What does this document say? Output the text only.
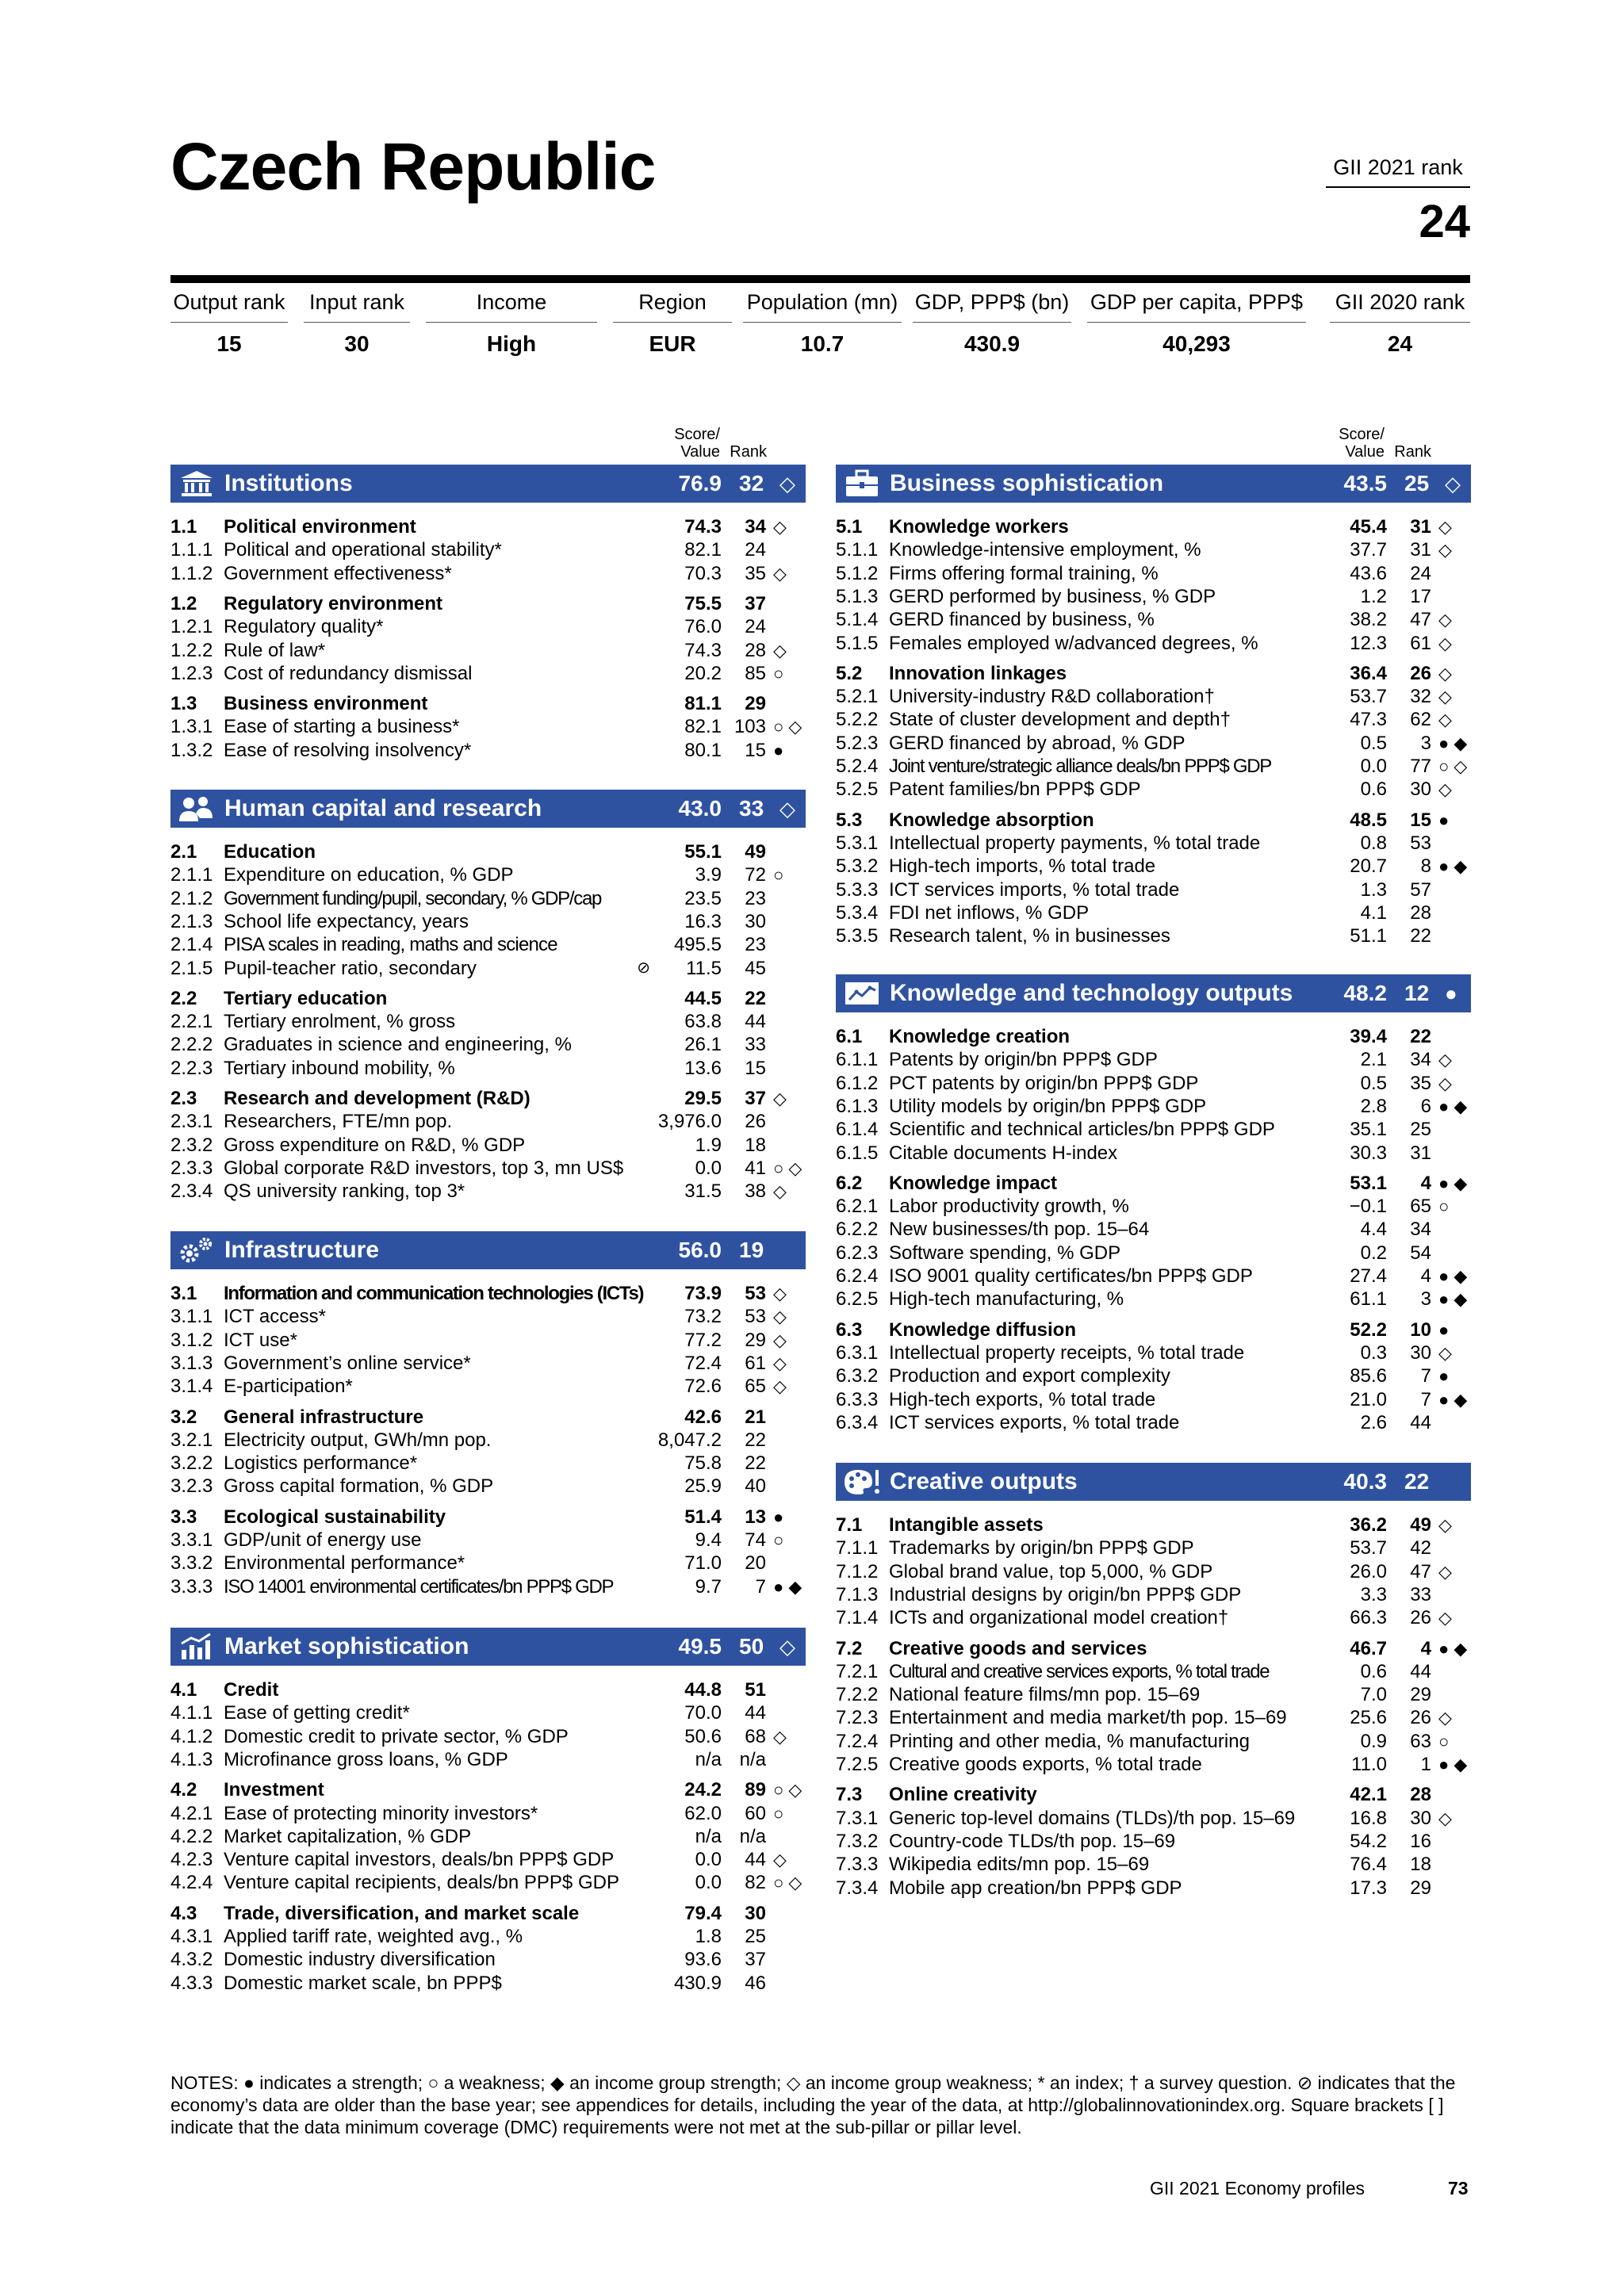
Czech Republic	GII 2021 rank
24
Output rank
15
Input rank
30
Income
High
Region
EUR
Population (mn)
10.7
GDP, PPP$ (bn)
430.9
GDP per capita, PPP$
40,293
GII 2020 rank
24
Score/
Value Rank
Score/
Value Rank
Institutions	76.9 32 ◇
1.1 Political environment	74.3 34 ◇
1.1.1 Political and operational stability*	82.1 24
1.1.2 Government effectiveness*	70.3 35 ◇
1.2 Regulatory environment	75.5 37
1.2.1 Regulatory quality*	76.0 24
1.2.2 Rule of law*	74.3 28 ◇
1.2.3 Cost of redundancy dismissal	20.2 85 ○
1.3 Business environment	81.1 29
1.3.1 Ease of starting a business*	82.1 103 ○ ◇
1.3.2 Ease of resolving insolvency*	80.1 15 ●
Human capital and research	43.0 33 ◇
2.1 Education	55.1 49
2.1.1 Expenditure on education, % GDP	3.9 72 ○
2.1.2 Government funding/pupil, secondary, % GDP/cap	23.5 23
2.1.3 School life expectancy, years	16.3 30
2.1.4 PISA scales in reading, maths and science	495.5 23
2.1.5 Pupil-teacher ratio, secondary	11.5 45
⊘
2.2 Tertiary education	44.5 22
2.2.1 Tertiary enrolment, % gross	63.8 44
2.2.2 Graduates in science and engineering, %	26.1 33
2.2.3 Tertiary inbound mobility, %	13.6 15
2.3 Research and development (R&D)	29.5 37 ◇
2.3.1 Researchers, FTE/mn pop.	3,976.0 26
2.3.2 Gross expenditure on R&D, % GDP	1.9 18
2.3.3 Global corporate R&D investors, top 3, mn US$	0.0 41 ○ ◇
2.3.4 QS university ranking, top 3*	31.5 38 ◇
Infrastructure	56.0 19
3.1 Information and communication technologies (ICTs) 73.9 53 ◇
3.1.1 ICT access*	73.2 53 ◇
3.1.2 ICT use*	77.2 29 ◇
3.1.3 Government’s online service*	72.4 61 ◇
3.1.4 E-participation*	72.6 65 ◇
3.2 General infrastructure	42.6 21
3.2.1 Electricity output, GWh/mn pop.	8,047.2 22
3.2.2 Logistics performance*	75.8 22
3.2.3 Gross capital formation, % GDP	25.9 40
3.3 Ecological sustainability	51.4 13 ●
3.3.1 GDP/unit of energy use	9.4 74 ○
3.3.2 Environmental performance*	71.0 20
3.3.3 ISO 14001 environmental certificates/bn PPP$ GDP	9.7 7 ● ◆
Market sophistication	49.5 50 ◇
4.1 Credit	44.8 51
4.1.1 Ease of getting credit*	70.0 44
4.1.2 Domestic credit to private sector, % GDP	50.6 68 ◇
4.1.3 Microfinance gross loans, % GDP	n/a n/a
4.2 Investment	24.2 89 ○ ◇
4.2.1 Ease of protecting minority investors*	62.0 60 ○
4.2.2 Market capitalization, % GDP	n/a n/a
4.2.3 Venture capital investors, deals/bn PPP$ GDP	0.0 44 ◇
4.2.4 Venture capital recipients, deals/bn PPP$ GDP	0.0 82 ○ ◇
4.3 Trade, diversification, and market scale	79.4 30
4.3.1 Applied tariff rate, weighted avg., %	1.8 25
4.3.2 Domestic industry diversification	93.6 37
4.3.3 Domestic market scale, bn PPP$	430.9 46
Business sophistication	43.5 25 ◇
5.1 Knowledge workers	45.4 31 ◇
5.1.1 Knowledge-intensive employment, %	37.7 31 ◇
5.1.2 Firms offering formal training, %	43.6 24
5.1.3 GERD performed by business, % GDP	1.2 17
5.1.4 GERD financed by business, %	38.2 47 ◇
5.1.5 Females employed w/advanced degrees, %	12.3 61 ◇
5.2 Innovation linkages	36.4 26 ◇
5.2.1 University-industry R&D collaboration†	53.7 32 ◇
5.2.2 State of cluster development and depth†	47.3 62 ◇
5.2.3 GERD financed by abroad, % GDP	0.5 3 ● ◆
5.2.4 Joint venture/strategic alliance deals/bn PPP$ GDP	0.0 77 ○ ◇
5.2.5 Patent families/bn PPP$ GDP	0.6 30 ◇
5.3 Knowledge absorption	48.5 15 ●
5.3.1 Intellectual property payments, % total trade	0.8 53
5.3.2 High-tech imports, % total trade	20.7 8 ● ◆
5.3.3 ICT services imports, % total trade	1.3 57
5.3.4 FDI net inflows, % GDP	4.1 28
5.3.5 Research talent, % in businesses	51.1 22
Knowledge and technology outputs 48.2 12 ●
6.1 Knowledge creation	39.4 22
6.1.1 Patents by origin/bn PPP$ GDP	2.1 34 ◇
6.1.2 PCT patents by origin/bn PPP$ GDP	0.5 35 ◇
6.1.3 Utility models by origin/bn PPP$ GDP	2.8 6 ● ◆
6.1.4 Scientific and technical articles/bn PPP$ GDP	35.1 25
6.1.5 Citable documents H-index	30.3 31
6.2 Knowledge impact	53.1 4 ● ◆
6.2.1 Labor productivity growth, %	−0.1 65 ○
6.2.2 New businesses/th pop. 15–64	4.4 34
6.2.3 Software spending, % GDP	0.2 54
6.2.4 ISO 9001 quality certificates/bn PPP$ GDP	27.4 4 ● ◆
6.2.5 High-tech manufacturing, %	61.1 3 ● ◆
6.3 Knowledge diffusion	52.2 10 ●
6.3.1 Intellectual property receipts, % total trade	0.3 30 ◇
6.3.2 Production and export complexity	85.6 7 ●
6.3.3 High-tech exports, % total trade	21.0 7 ● ◆
6.3.4 ICT services exports, % total trade	2.6 44
Creative outputs	40.3 22
7.1 Intangible assets	36.2 49 ◇
7.1.1 Trademarks by origin/bn PPP$ GDP	53.7 42
7.1.2 Global brand value, top 5,000, % GDP	26.0 47 ◇
7.1.3 Industrial designs by origin/bn PPP$ GDP	3.3 33
7.1.4 ICTs and organizational model creation†	66.3 26 ◇
7.2 Creative goods and services	46.7 4 ● ◆
7.2.1 Cultural and creative services exports, % total trade	0.6 44
7.2.2 National feature films/mn pop. 15–69	7.0 29
7.2.3 Entertainment and media market/th pop. 15–69	25.6 26 ◇
7.2.4 Printing and other media, % manufacturing	0.9 63 ○
7.2.5 Creative goods exports, % total trade	11.0 1 ● ◆
7.3 Online creativity	42.1 28
7.3.1 Generic top-level domains (TLDs)/th pop. 15–69	16.8 30 ◇
7.3.2 Country-code TLDs/th pop. 15–69	54.2 16
7.3.3 Wikipedia edits/mn pop. 15–69	76.4 18
7.3.4 Mobile app creation/bn PPP$ GDP	17.3 29
NOTES: ● indicates a strength; ○ a weakness; ◆ an income group strength; ◇ an income group weakness; * an index; † a survey question. ⊘ indicates that the economy’s data are older than the base year; see appendices for details, including the year of the data, at http://globalinnovationindex.org. Square brackets [ ] indicate that the data minimum coverage (DMC) requirements were not met at the sub-pillar or pillar level.
GII 2021 Economy profiles	73
